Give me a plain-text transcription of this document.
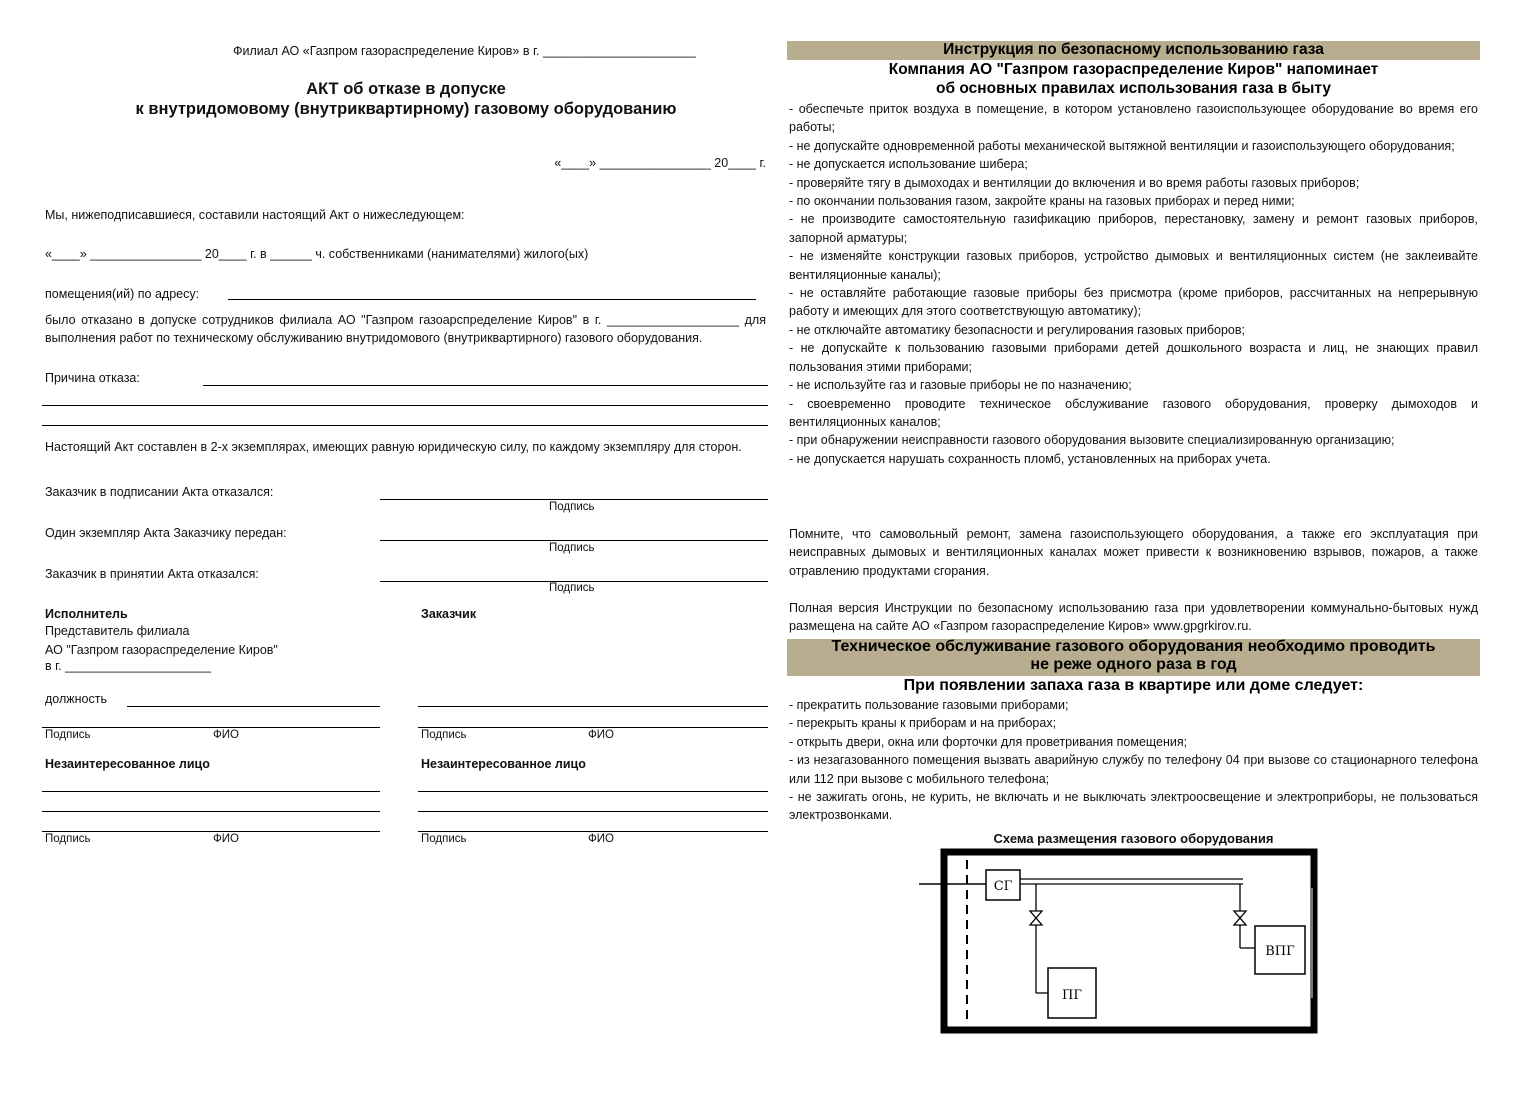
Филиал АО «Газпром газораспределение Киров» в г. ______________________
АКТ об отказе в допуске
к внутридомовому (внутриквартирному) газовому оборудованию
«____» ________________ 20____ г.
Мы, нижеподписавшиеся, составили настоящий Акт о нижеследующем:
«____» ________________ 20____ г. в ______ ч. собственниками (нанимателями) жилого(ых)
помещения(ий) по адресу:
было отказано в допуске сотрудников филиала АО "Газпром газоарспределение Киров" в г. ___________________ для выполнения работ по техническому обслуживанию внутридомового (внутриквартирного) газового оборудования.
Причина отказа:
Настоящий Акт составлен в 2-х экземплярах, имеющих равную юридическую силу, по каждому экземпляру для сторон.
Заказчик в подписании Акта отказался:
Подпись
Один экземпляр Акта Заказчику передан:
Подпись
Заказчик в принятии Акта отказался:
Подпись
Исполнитель
Представитель филиала
АО "Газпром газораспределение Киров"
в г. _____________________
Заказчик
должность
Подпись	ФИО	Подпись	ФИО
Незаинтересованное лицо	Незаинтересованное лицо
Подпись	ФИО	Подпись	ФИО
Инструкция по безопасному использованию газа
Компания АО "Газпром газораспределение Киров" напоминает
об основных правилах использования газа в быту
- обеспечьте приток воздуха в помещение, в котором установлено газоиспользующее оборудование во время его работы;
- не допускайте одновременной работы механической вытяжной вентиляции и газоиспользующего оборудования;
- не допускается использование шибера;
- проверяйте тягу в дымоходах и вентиляции до включения и во время работы газовых приборов;
- по окончании пользования газом, закройте краны на газовых приборах и перед ними;
- не производите самостоятельную газификацию приборов, перестановку, замену и ремонт газовых приборов, запорной арматуры;
- не изменяйте конструкции газовых приборов, устройство дымовых и вентиляционных систем (не заклеивайте вентиляционные каналы);
- не оставляйте работающие газовые приборы без присмотра (кроме приборов, рассчитанных на непрерывную работу и имеющих для этого соответствующую автоматику);
- не отключайте автоматику безопасности и регулирования газовых приборов;
- не допускайте к пользованию газовыми приборами детей дошкольного возраста и лиц, не знающих правил пользования этими приборами;
- не используйте газ и газовые приборы не по назначению;
- своевременно проводите техническое обслуживание газового оборудования, проверку дымоходов и вентиляционных каналов;
- при обнаружении неисправности газового оборудования вызовите специализированную организацию;
- не допускается нарушать сохранность пломб, установленных на приборах учета.
Помните, что самовольный ремонт, замена газоиспользующего оборудования, а также его эксплуатация при неисправных дымовых и вентиляционных каналах может привести к возникновению взрывов, пожаров, а также отравлению продуктами сгорания.
Полная версия Инструкции по безопасному использованию газа при удовлетворении коммунально-бытовых нужд размещена на сайте АО «Газпром газораспределение Киров» www.gpgrkirov.ru.
Техническое обслуживание газового оборудования необходимо проводить
не реже одного раза в год
При появлении запаха газа в квартире или доме следует:
- прекратить пользование газовыми приборами;
- перекрыть краны к приборам и на приборах;
- открыть двери, окна или форточки для проветривания помещения;
- из незагазованного помещения вызвать аварийную службу по телефону 04 при вызове со стационарного телефона или 112 при вызове с мобильного телефона;
- не зажигать огонь, не курить, не включать и не выключать электроосвещение и электроприборы, не пользоваться электрозвонками.
Схема размещения газового оборудования
СГ
ПГ
ВПГ
